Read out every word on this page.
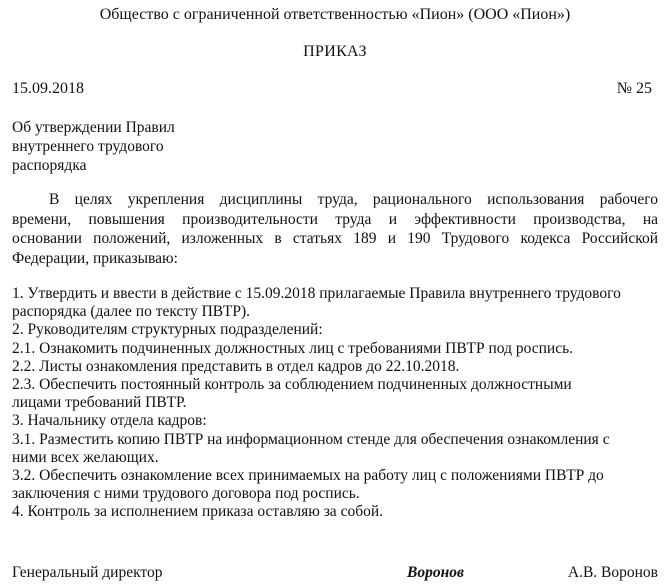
Общество с ограниченной ответственностью «Пион» (ООО «Пион»)
ПРИКАЗ
15.09.2018	№ 25
Об утверждении Правил
внутреннего трудового
распорядка
В целях укрепления дисциплины труда, рационального использования рабочего
времени, повышения производительности труда и эффективности производства, на
основании положений, изложенных в статьях 189 и 190 Трудового кодекса Российской
Федерации, приказываю:
1. Утвердить и ввести в действие с 15.09.2018 прилагаемые Правила внутреннего трудового
распорядка (далее по тексту ПВТР).
2. Руководителям структурных подразделений:
2.1. Ознакомить подчиненных должностных лиц с требованиями ПВТР под роспись.
2.2. Листы ознакомления представить в отдел кадров до 22.10.2018.
2.3. Обеспечить постоянный контроль за соблюдением подчиненных должностными
лицами требований ПВТР.
3. Начальнику отдела кадров:
3.1. Разместить копию ПВТР на информационном стенде для обеспечения ознакомления с
ними всех желающих.
3.2. Обеспечить ознакомление всех принимаемых на работу лиц с положениями ПВТР до
заключения с ними трудового договора под роспись.
4. Контроль за исполнением приказа оставляю за собой.
Генеральный директор	Воронов	А.В. Воронов
